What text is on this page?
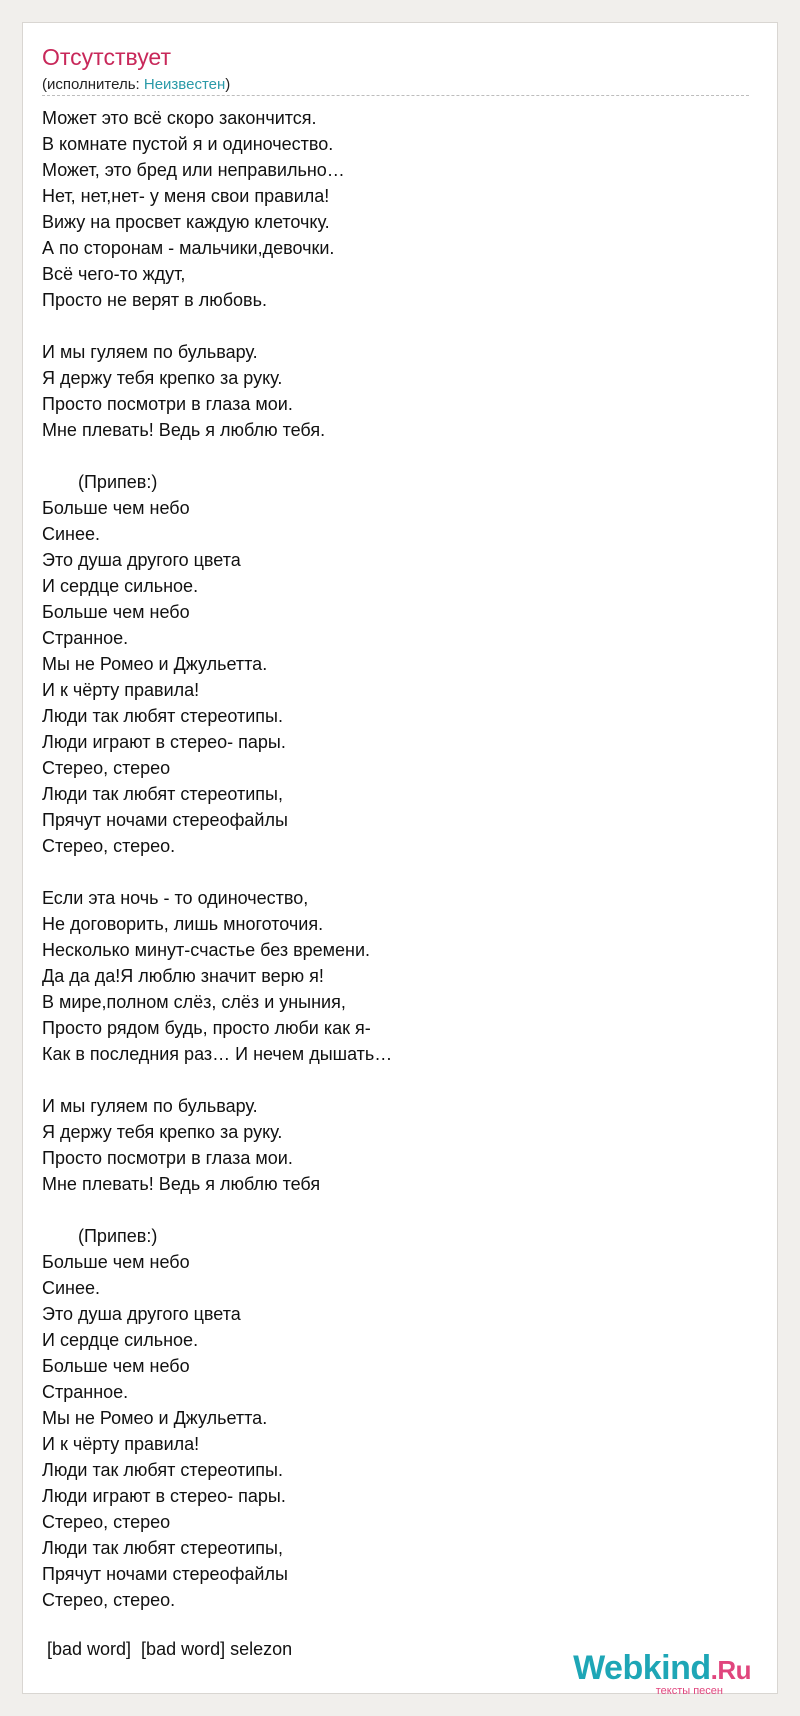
Отсутствует
(исполнитель: Неизвестен)
Может это всё скоро закончится.
В комнате пустой я и одиночество.
Может, это бред или неправильно…
Нет, нет,нет- у меня свои правила!
Вижу на просвет каждую клеточку.
А по сторонам - мальчики,девочки.
Всё чего-то ждут,
Просто не верят в любовь.
И мы гуляем по бульвару.
Я держу тебя крепко за руку.
Просто посмотри в глаза мои.
Мне плевать! Ведь я люблю тебя.
(Припев:)
Больше чем небо
Синее.
Это душа другого цвета
И сердце сильное.
Больше чем небо
Странное.
Мы не Ромео и Джульетта.
И к чёрту правила!
Люди так любят стереотипы.
Люди играют в стерео- пары.
Стерео, стерео
Люди так любят стереотипы,
Прячут ночами стереофайлы
Стерео, стерео.
Если эта ночь - то одиночество,
Не договорить, лишь многоточия.
Несколько минут-счастье без времени.
Да да да!Я люблю значит верю я!
В мире,полном слёз, слёз и уныния,
Просто рядом будь, просто люби как я-
Как в последния раз… И нечем дышать…
И мы гуляем по бульвару.
Я держу тебя крепко за руку.
Просто посмотри в глаза мои.
Мне плевать! Ведь я люблю тебя
(Припев:)
Больше чем небо
Синее.
Это душа другого цвета
И сердце сильное.
Больше чем небо
Странное.
Мы не Ромео и Джульетта.
И к чёрту правила!
Люди так любят стереотипы.
Люди играют в стерео- пары.
Стерео, стерео
Люди так любят стереотипы,
Прячут ночами стереофайлы
Стерео, стерео.
[bad word]  [bad word] selezon	Webkind.Ru
тексты песен
